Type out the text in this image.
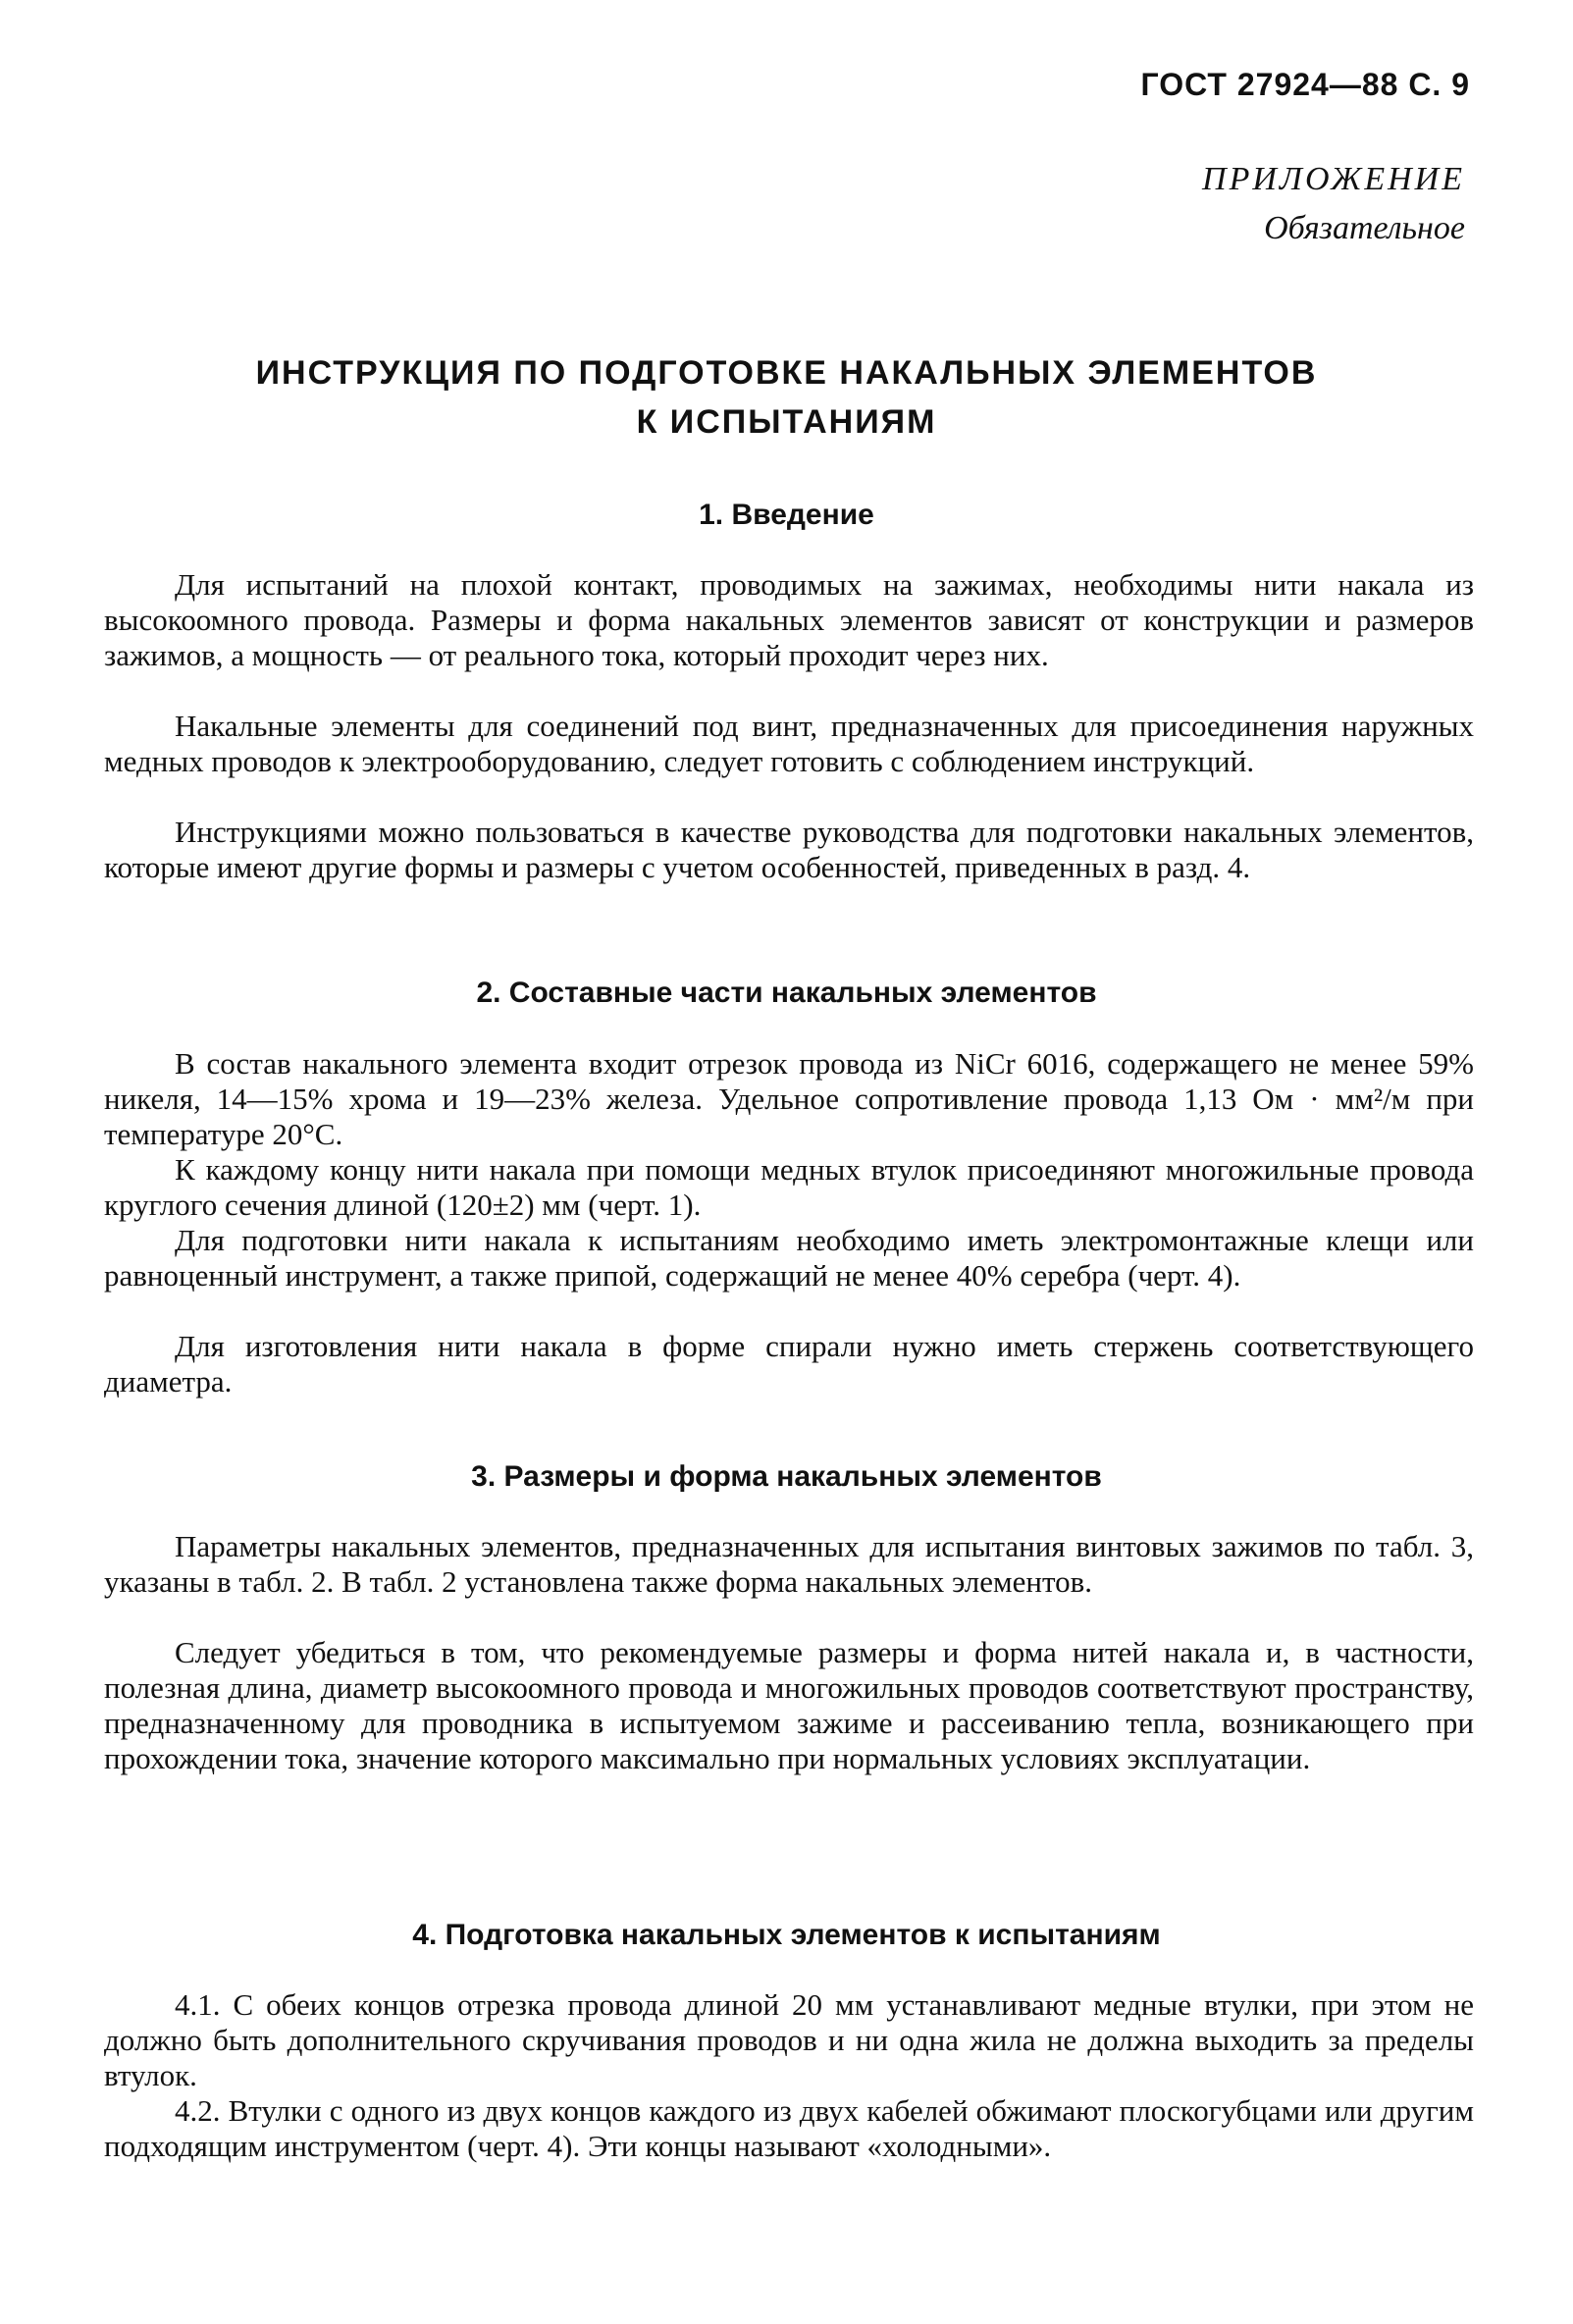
ГОСТ 27924—88 С. 9
ПРИЛОЖЕНИЕ
Обязательное
ИНСТРУКЦИЯ ПО ПОДГОТОВКЕ НАКАЛЬНЫХ ЭЛЕМЕНТОВ
К ИСПЫТАНИЯМ
1. Введение

Для испытаний на плохой контакт, проводимых на зажимах, необходимы нити накала из высокоомного провода. Размеры и форма накальных элементов зависят от конструкции и размеров зажимов, а мощность — от реального тока, который проходит через них.

Накальные элементы для соединений под винт, предназначенных для присоединения наружных медных проводов к электрооборудованию, следует готовить с соблюдением инструкций.

Инструкциями можно пользоваться в качестве руководства для подготовки накальных элементов, которые имеют другие формы и размеры с учетом особенностей, приведенных в разд. 4.

2. Составные части накальных элементов

В состав накального элемента входит отрезок провода из NiCr 6016, содержащего не менее 59% никеля, 14—15% хрома и 19—23% железа. Удельное сопротивление провода 1,13 Ом · мм²/м при температуре 20°С.

К каждому концу нити накала при помощи медных втулок присоединяют многожильные провода круглого сечения длиной (120±2) мм (черт. 1).

Для подготовки нити накала к испытаниям необходимо иметь электромонтажные клещи или равноценный инструмент, а также припой, содержащий не менее 40% серебра (черт. 4).

Для изготовления нити накала в форме спирали нужно иметь стержень соответствующего диаметра.

3. Размеры и форма накальных элементов

Параметры накальных элементов, предназначенных для испытания винтовых зажимов по табл. 3, указаны в табл. 2. В табл. 2 установлена также форма накальных элементов.

Следует убедиться в том, что рекомендуемые размеры и форма нитей накала и, в частности, полезная длина, диаметр высокоомного провода и многожильных проводов соответствуют пространству, предназначенному для проводника в испытуемом зажиме и рассеиванию тепла, возникающего при прохождении тока, значение которого максимально при нормальных условиях эксплуатации.

4. Подготовка накальных элементов к испытаниям

4.1. С обеих концов отрезка провода длиной 20 мм устанавливают медные втулки, при этом не должно быть дополнительного скручивания проводов и ни одна жила не должна выходить за пределы втулок.

4.2. Втулки с одного из двух концов каждого из двух кабелей обжимают плоскогубцами или другим подходящим инструментом (черт. 4). Эти концы называют «холодными».
